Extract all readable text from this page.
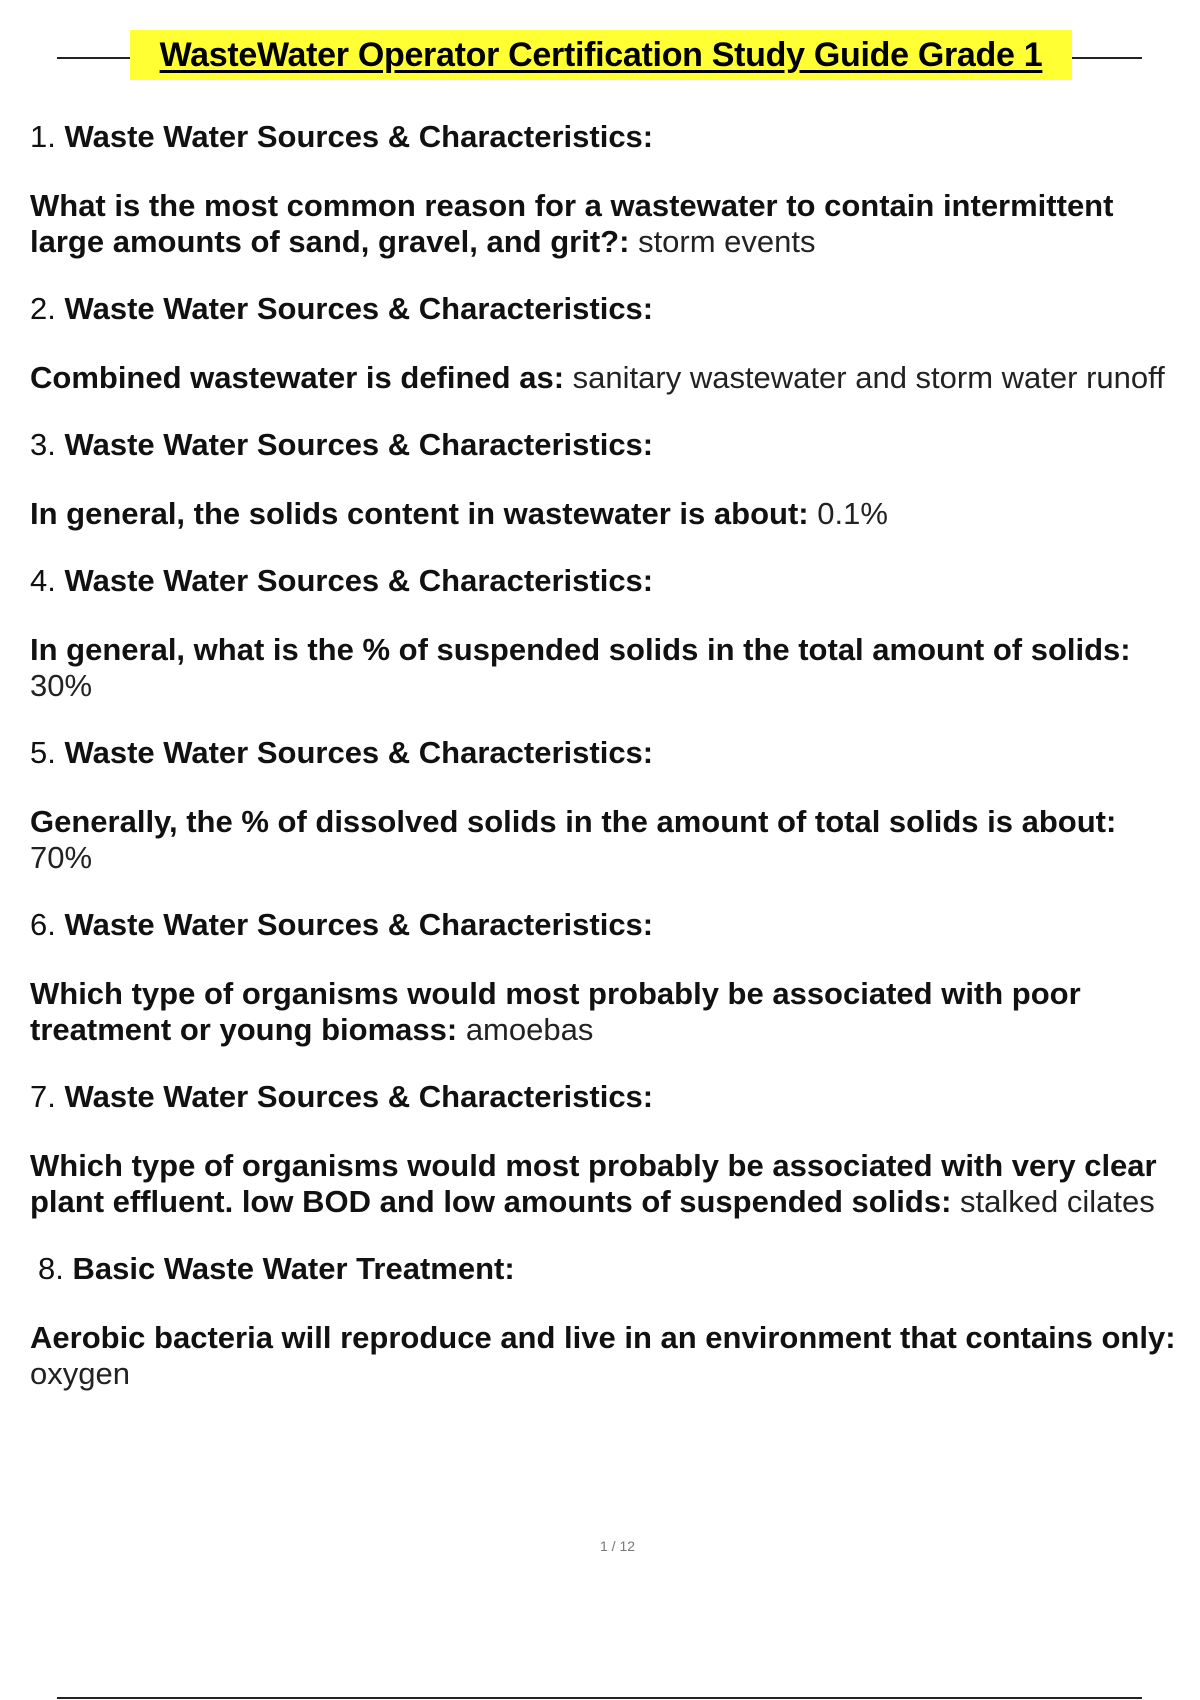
WasteWater Operator Certification Study Guide Grade 1
1. Waste Water Sources & Characteristics:
What is the most common reason for a wastewater to contain intermittent
large amounts of sand, gravel, and grit?: storm events
2. Waste Water Sources & Characteristics:
Combined wastewater is defined as: sanitary wastewater and storm water runoff
3. Waste Water Sources & Characteristics:
In general, the solids content in wastewater is about: 0.1%
4. Waste Water Sources & Characteristics:
In general, what is the % of suspended solids in the total amount of solids:
30%
5. Waste Water Sources & Characteristics:
Generally, the % of dissolved solids in the amount of total solids is about:
70%
6. Waste Water Sources & Characteristics:
Which type of organisms would most probably be associated with poor
treatment or young biomass: amoebas
7. Waste Water Sources & Characteristics:
Which type of organisms would most probably be associated with very clear
plant effluent. low BOD and low amounts of suspended solids: stalked cilates
8. Basic Waste Water Treatment:
Aerobic bacteria will reproduce and live in an environment that contains only:
oxygen
1 / 12
